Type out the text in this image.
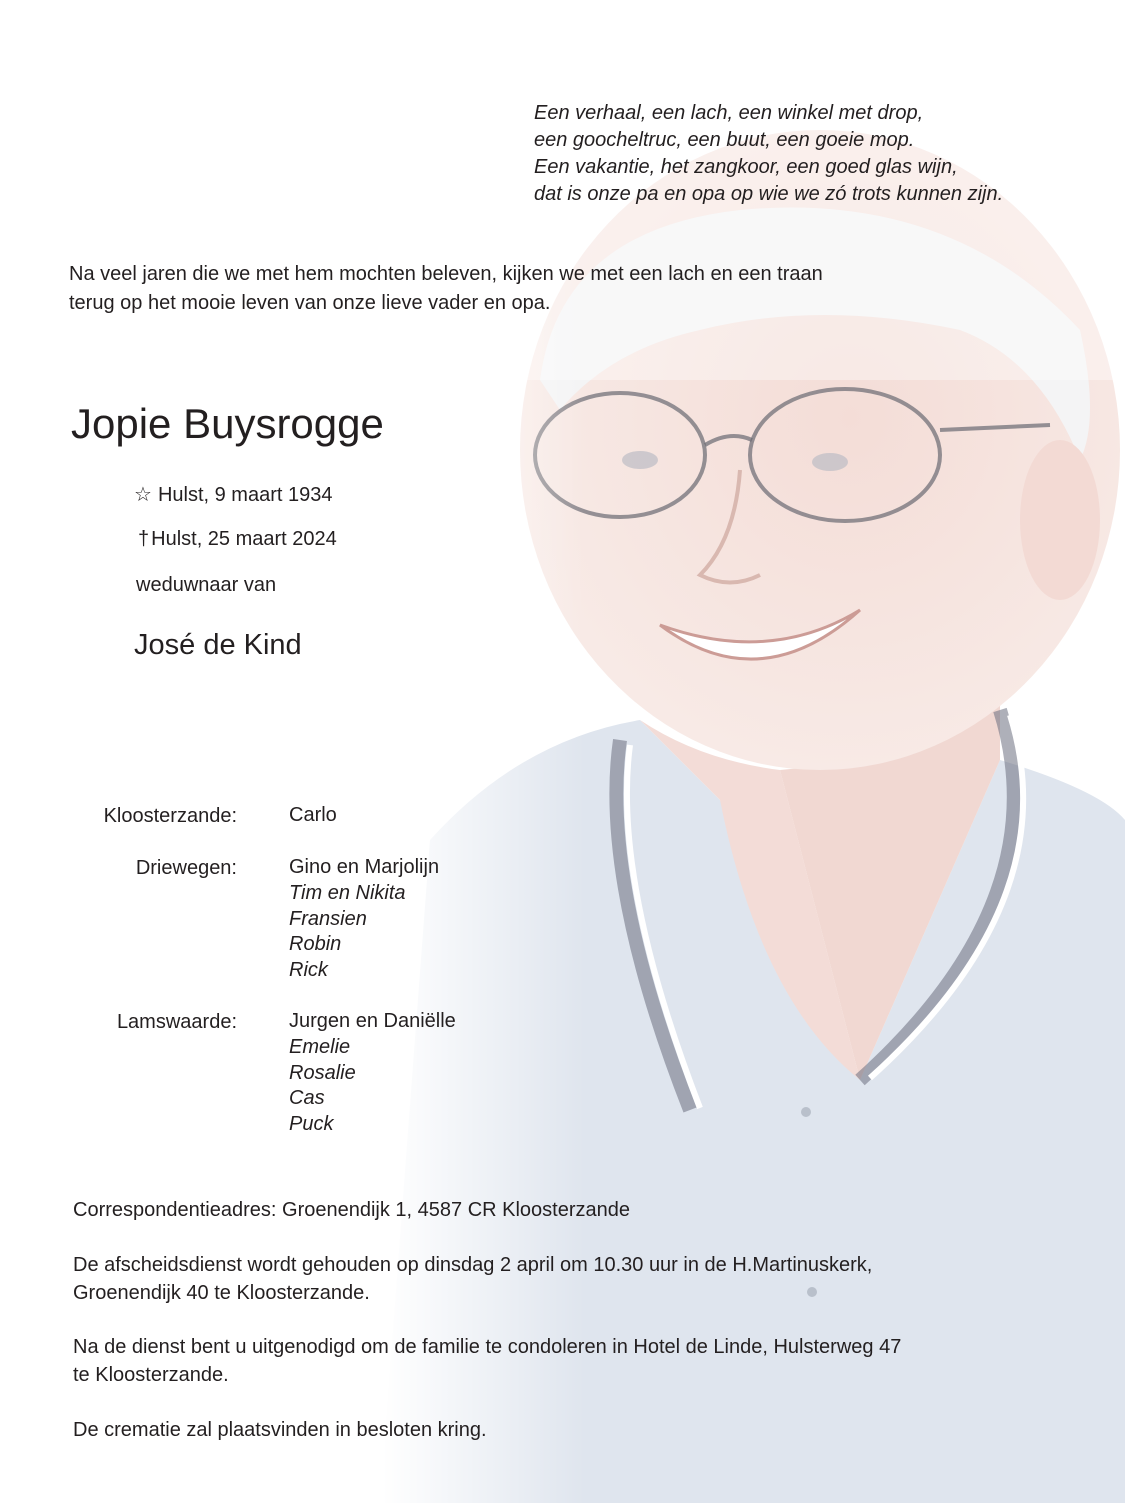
Een verhaal, een lach, een winkel met drop,
een goocheltruc, een buut, een goeie mop.
Een vakantie, het zangkoor, een goed glas wijn,
dat is onze pa en opa op wie we zó trots kunnen zijn.
Na veel jaren die we met hem mochten beleven, kijken we met een lach en een traan
terug op het mooie leven van onze lieve vader en opa.
Jopie Buysrogge
☆ Hulst, 9 maart 1934
† Hulst, 25 maart 2024
weduwnaar van
José de Kind
Kloosterzande:	Carlo
Driewegen:	Gino en Marjolijn
Tim en Nikita
Fransien
Robin
Rick
Lamswaarde:	Jurgen en Daniëlle
Emelie
Rosalie
Cas
Puck
Correspondentieadres: Groenendijk 1, 4587 CR Kloosterzande
De afscheidsdienst wordt gehouden op dinsdag 2 april om 10.30 uur in de H.Martinuskerk,
Groenendijk 40 te Kloosterzande.
Na de dienst bent u uitgenodigd om de familie te condoleren in Hotel de Linde, Hulsterweg 47
te Kloosterzande.
De crematie zal plaatsvinden in besloten kring.
